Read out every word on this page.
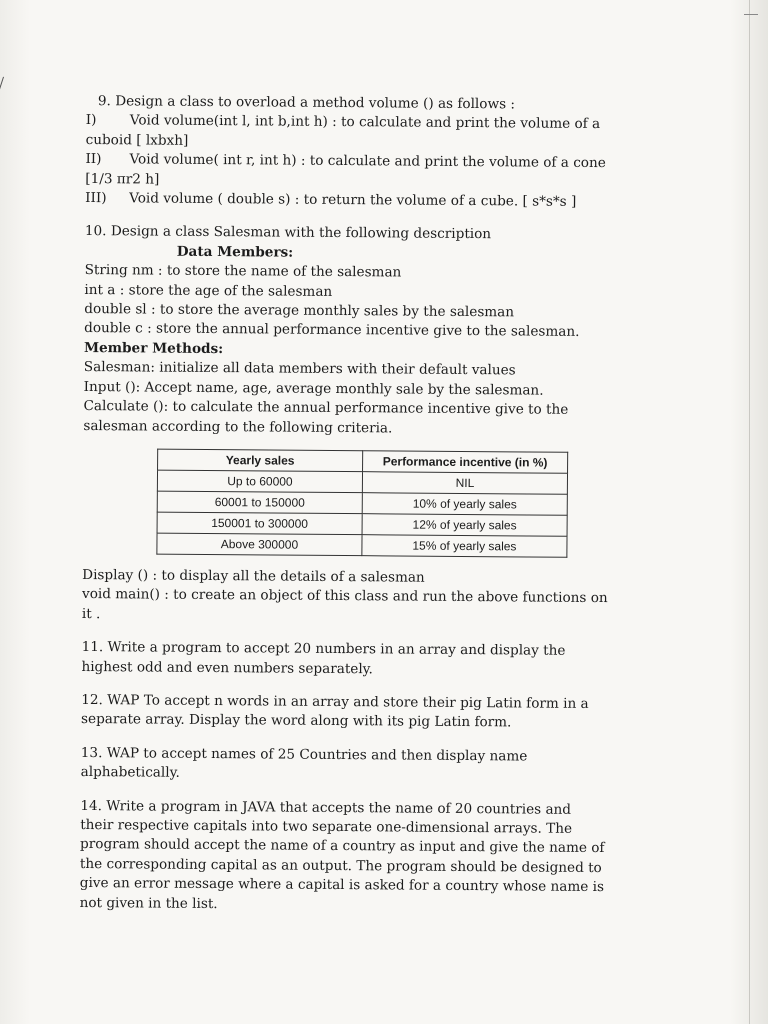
9. Design a class to overload a method volume () as follows :

I)	Void volume(int l, int b,int h) : to calculate and print the volume of a

cuboid [ lxbxh]

II)	Void volume( int r, int h) : to calculate and print the volume of a cone

[1/3 πr2 h]

III)	Void volume ( double s) : to return the volume of a cube. [ s*s*s ]

10. Design a class Salesman with the following description

Data Members:

String nm : to store the name of the salesman

int a : store the age of the salesman

double sl : to store the average monthly sales by the salesman

double c : store the annual performance incentive give to the salesman.

Member Methods:

Salesman: initialize all data members with their default values

Input (): Accept name, age, average monthly sale by the salesman.

Calculate (): to calculate the annual performance incentive give to the

salesman according to the following criteria.

Yearly sales	Performance incentive (in %)
Up to 60000	NIL
60001 to 150000	10% of yearly sales
150001 to 300000	12% of yearly sales
Above 300000	15% of yearly sales

Display () : to display all the details of a salesman

void main() : to create an object of this class and run the above functions on

it .

11. Write a program to accept 20 numbers in an array and display the

highest odd and even numbers separately.

12. WAP To accept n words in an array and store their pig Latin form in a

separate array. Display the word along with its pig Latin form.

13. WAP to accept names of 25 Countries and then display name

alphabetically.

14. Write a program in JAVA that accepts the name of 20 countries and

their respective capitals into two separate one-dimensional arrays. The

program should accept the name of a country as input and give the name of

the corresponding capital as an output. The program should be designed to

give an error message where a capital is asked for a country whose name is

not given in the list.
